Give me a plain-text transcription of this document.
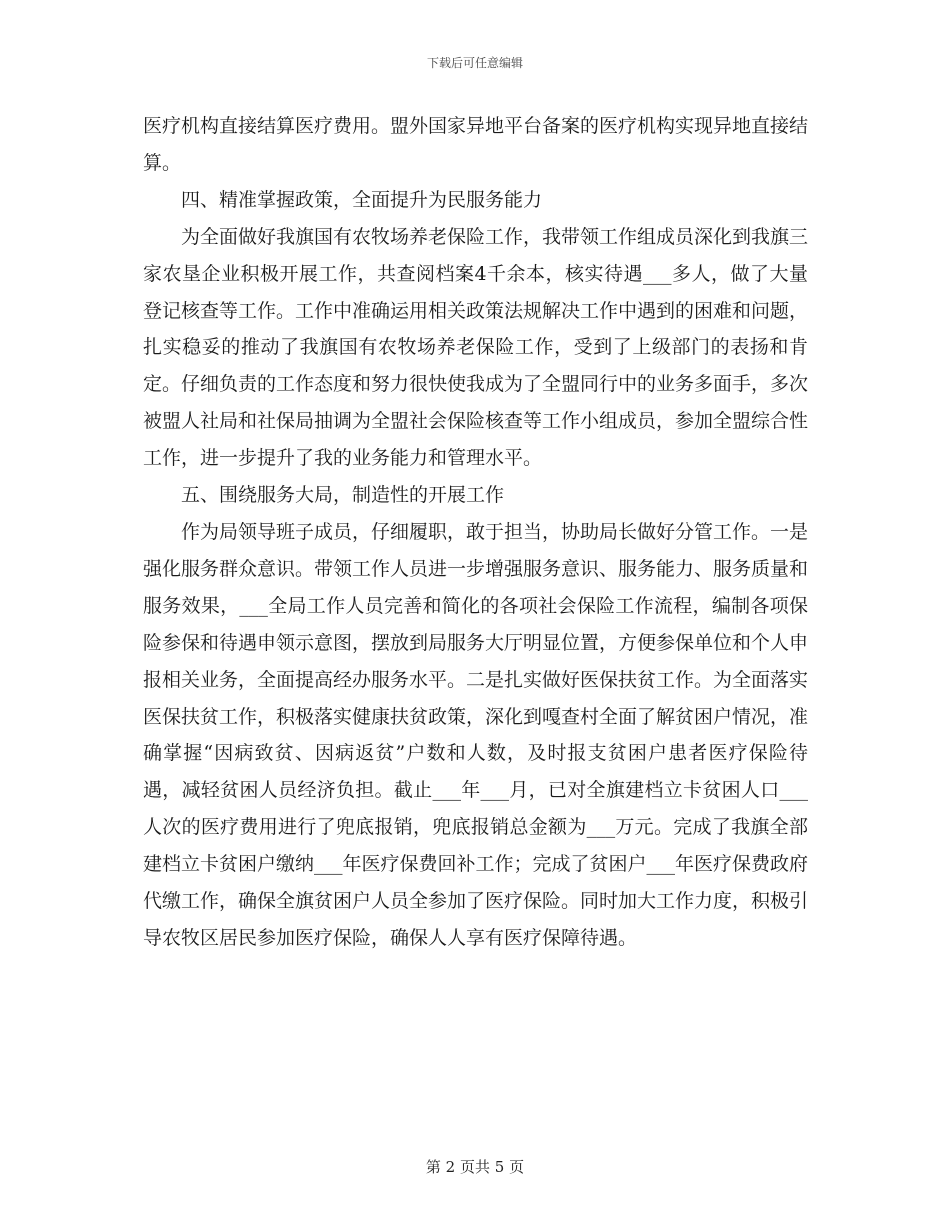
下载后可任意编辑

医疗机构直接结算医疗费用。盟外国家异地平台备案的医疗机构实现异地直接结算。

四、精准掌握政策，全面提升为民服务能力

为全面做好我旗国有农牧场养老保险工作，我带领工作组成员深化到我旗三家农垦企业积极开展工作，共查阅档案4千余本，核实待遇___多人，做了大量登记核查等工作。工作中准确运用相关政策法规解决工作中遇到的困难和问题，扎实稳妥的推动了我旗国有农牧场养老保险工作，受到了上级部门的表扬和肯定。仔细负责的工作态度和努力很快使我成为了全盟同行中的业务多面手，多次被盟人社局和社保局抽调为全盟社会保险核查等工作小组成员，参加全盟综合性工作，进一步提升了我的业务能力和管理水平。

五、围绕服务大局，制造性的开展工作

作为局领导班子成员，仔细履职，敢于担当，协助局长做好分管工作。一是强化服务群众意识。带领工作人员进一步增强服务意识、服务能力、服务质量和服务效果，___全局工作人员完善和简化的各项社会保险工作流程，编制各项保险参保和待遇申领示意图，摆放到局服务大厅明显位置，方便参保单位和个人申报相关业务，全面提高经办服务水平。二是扎实做好医保扶贫工作。为全面落实医保扶贫工作，积极落实健康扶贫政策，深化到嘎查村全面了解贫困户情况，准确掌握“因病致贫、因病返贫”户数和人数，及时报支贫困户患者医疗保险待遇，减轻贫困人员经济负担。截止___年___月，已对全旗建档立卡贫困人口___人次的医疗费用进行了兜底报销，兜底报销总金额为___万元。完成了我旗全部建档立卡贫困户缴纳___年医疗保费回补工作；完成了贫困户___年医疗保费政府代缴工作，确保全旗贫困户人员全参加了医疗保险。同时加大工作力度，积极引导农牧区居民参加医疗保险，确保人人享有医疗保障待遇。

第 2 页共 5 页
